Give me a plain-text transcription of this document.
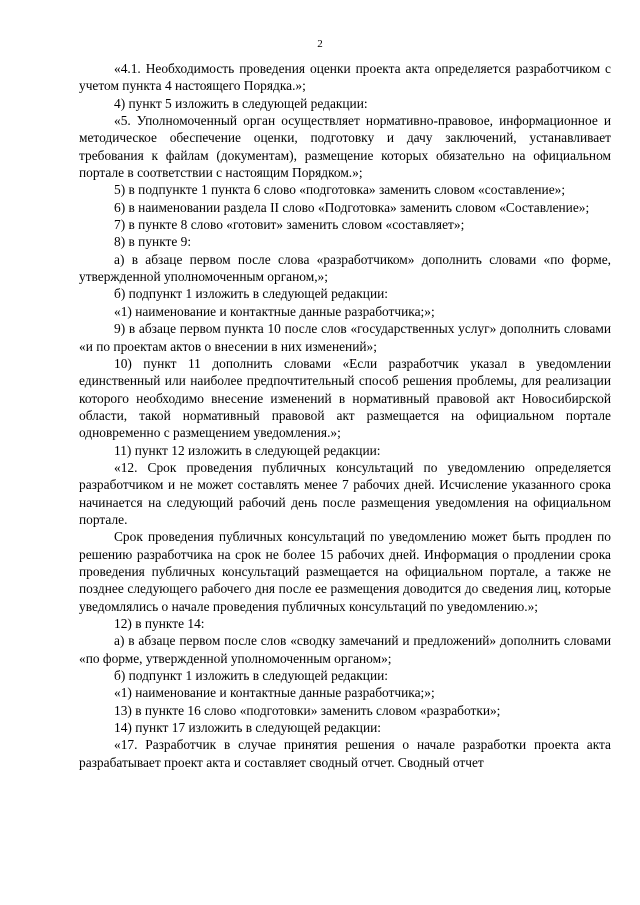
2

«4.1. Необходимость проведения оценки проекта акта определяется разработчиком с учетом пункта 4 настоящего Порядка.»;

4) пункт 5 изложить в следующей редакции:

«5. Уполномоченный орган осуществляет нормативно-правовое, информационное и методическое обеспечение оценки, подготовку и дачу заключений, устанавливает требования к файлам (документам), размещение которых обязательно на официальном портале в соответствии с настоящим Порядком.»;

5) в подпункте 1 пункта 6 слово «подготовка» заменить словом «составление»;

6) в наименовании раздела II слово «Подготовка» заменить словом «Составление»;

7) в пункте 8 слово «готовит» заменить словом «составляет»;

8) в пункте 9:

а) в абзаце первом после слова «разработчиком» дополнить словами «по форме, утвержденной уполномоченным органом,»;

б) подпункт 1 изложить в следующей редакции:

«1) наименование и контактные данные разработчика;»;

9) в абзаце первом пункта 10 после слов «государственных услуг» дополнить словами «и по проектам актов о внесении в них изменений»;

10) пункт 11 дополнить словами «Если разработчик указал в уведомлении единственный или наиболее предпочтительный способ решения проблемы, для реализации которого необходимо внесение изменений в нормативный правовой акт Новосибирской области, такой нормативный правовой акт размещается на официальном портале одновременно с размещением уведомления.»;

11) пункт 12 изложить в следующей редакции:

«12. Срок проведения публичных консультаций по уведомлению определяется разработчиком и не может составлять менее 7 рабочих дней. Исчисление указанного срока начинается на следующий рабочий день после размещения уведомления на официальном портале.

Срок проведения публичных консультаций по уведомлению может быть продлен по решению разработчика на срок не более 15 рабочих дней. Информация о продлении срока проведения публичных консультаций размещается на официальном портале, а также не позднее следующего рабочего дня после ее размещения доводится до сведения лиц, которые уведомлялись о начале проведения публичных консультаций по уведомлению.»;

12) в пункте 14:

а) в абзаце первом после слов «сводку замечаний и предложений» дополнить словами «по форме, утвержденной уполномоченным органом»;

б) подпункт 1 изложить в следующей редакции:

«1) наименование и контактные данные разработчика;»;

13) в пункте 16 слово «подготовки» заменить словом «разработки»;

14) пункт 17 изложить в следующей редакции:

«17. Разработчик в случае принятия решения о начале разработки проекта акта разрабатывает проект акта и составляет сводный отчет. Сводный отчет
